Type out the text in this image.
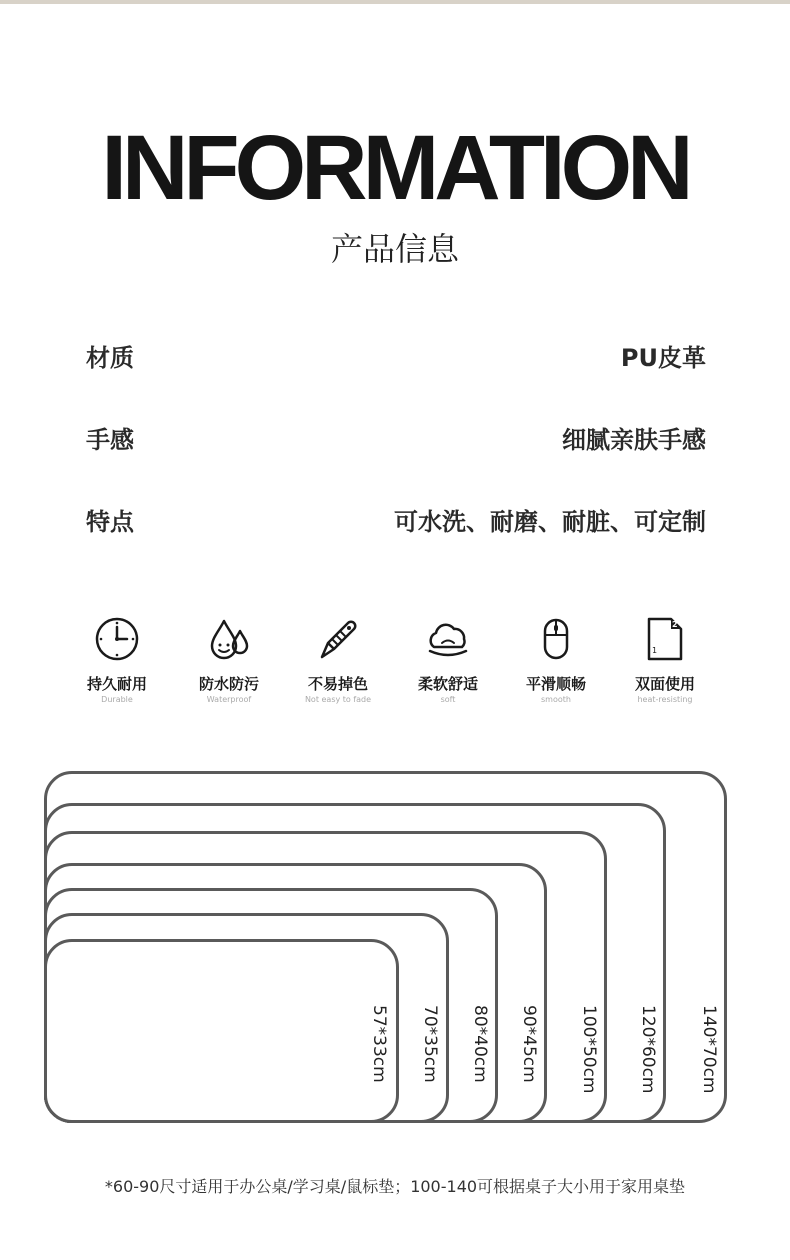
INFORMATION
产品信息
材质	PU皮革
手感	细腻亲肤手感
特点	可水洗、耐磨、耐脏、可定制
持久耐用
Durable
防水防污
Waterproof
不易掉色
Not easy to fade
柔软舒适
soft
平滑顺畅
smooth
2
1
双面使用
heat-resisting
57*33cm 70*35cm 80*40cm 90*45cm 100*50cm 120*60cm 140*70cm
*60-90尺寸适用于办公桌/学习桌/鼠标垫；100-140可根据桌子大小用于家用桌垫
